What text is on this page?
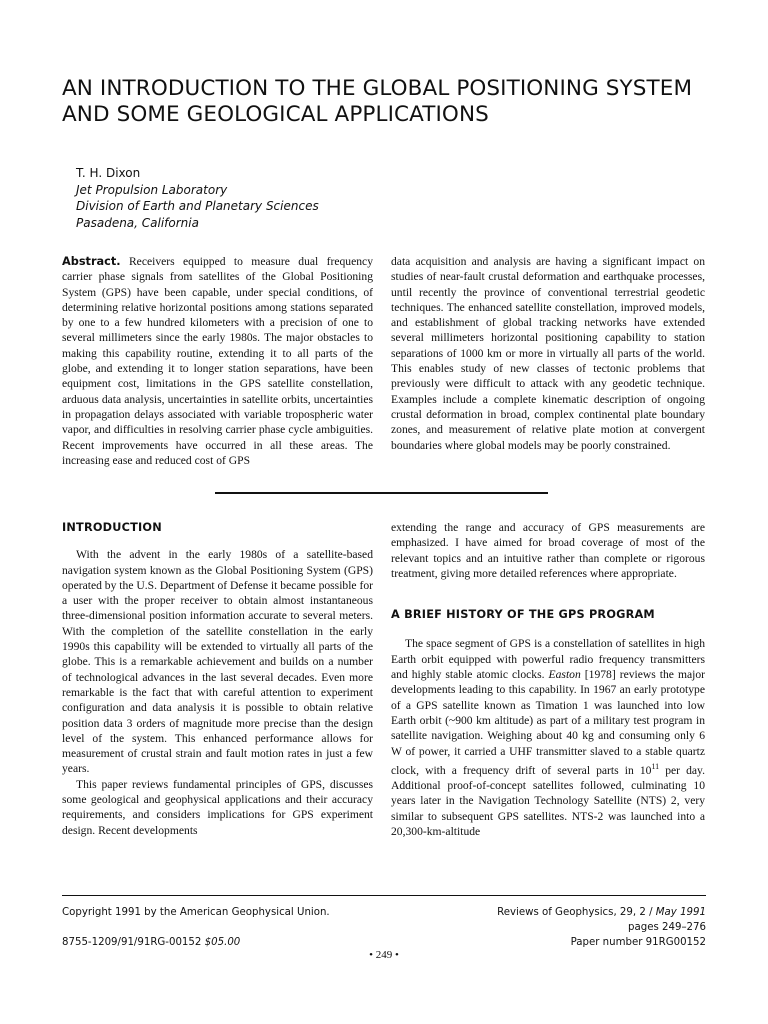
AN INTRODUCTION TO THE GLOBAL POSITIONING SYSTEM AND SOME GEOLOGICAL APPLICATIONS
T. H. Dixon
Jet Propulsion Laboratory
Division of Earth and Planetary Sciences
Pasadena, California

Abstract. Receivers equipped to measure dual frequency carrier phase signals from satellites of the Global Positioning System (GPS) have been capable, under special conditions, of determining relative horizontal positions among stations separated by one to a few hundred kilometers with a precision of one to several millimeters since the early 1980s. The major obstacles to making this capability routine, extending it to all parts of the globe, and extending it to longer station separations, have been equipment cost, limitations in the GPS satellite constellation, arduous data analysis, uncertainties in satellite orbits, uncertainties in propagation delays associated with variable tropospheric water vapor, and difficulties in resolving carrier phase cycle ambiguities. Recent improvements have occurred in all these areas. The increasing ease and reduced cost of GPS

data acquisition and analysis are having a significant impact on studies of near-fault crustal deformation and earthquake processes, until recently the province of conventional terrestrial geodetic techniques. The enhanced satellite constellation, improved models, and establishment of global tracking networks have extended several millimeters horizontal positioning capability to station separations of 1000 km or more in virtually all parts of the world. This enables study of new classes of tectonic problems that previously were difficult to attack with any geodetic technique. Examples include a complete kinematic description of ongoing crustal deformation in broad, complex continental plate boundary zones, and measurement of relative plate motion at convergent boundaries where global models may be poorly constrained.

INTRODUCTION

With the advent in the early 1980s of a satellite-based navigation system known as the Global Positioning System (GPS) operated by the U.S. Department of Defense it became possible for a user with the proper receiver to obtain almost instantaneous three-dimensional position information accurate to several meters. With the completion of the satellite constellation in the early 1990s this capability will be extended to virtually all parts of the globe. This is a remarkable achievement and builds on a number of technological advances in the last several decades. Even more remarkable is the fact that with careful attention to experiment configuration and data analysis it is possible to obtain relative position data 3 orders of magnitude more precise than the design level of the system. This enhanced performance allows for measurement of crustal strain and fault motion rates in just a few years.

This paper reviews fundamental principles of GPS, discusses some geological and geophysical applications and their accuracy requirements, and considers implications for GPS experiment design. Recent developments

extending the range and accuracy of GPS measurements are emphasized. I have aimed for broad coverage of most of the relevant topics and an intuitive rather than complete or rigorous treatment, giving more detailed references where appropriate.

A BRIEF HISTORY OF THE GPS PROGRAM

The space segment of GPS is a constellation of satellites in high Earth orbit equipped with powerful radio frequency transmitters and highly stable atomic clocks. Easton [1978] reviews the major developments leading to this capability. In 1967 an early prototype of a GPS satellite known as Timation 1 was launched into low Earth orbit (~900 km altitude) as part of a military test program in satellite navigation. Weighing about 40 kg and consuming only 6 W of power, it carried a UHF transmitter slaved to a stable quartz clock, with a frequency drift of several parts in $10^{11}$ per day. Additional proof-of-concept satellites followed, culminating 10 years later in the Navigation Technology Satellite (NTS) 2, very similar to subsequent GPS satellites. NTS-2 was launched into a 20,300-km-altitude

Copyright 1991 by the American Geophysical Union.
8755-1209/91/91RG-00152 $05.00
Reviews of Geophysics, 29, 2 / May 1991
pages 249–276
Paper number 91RG00152
• 249 •
